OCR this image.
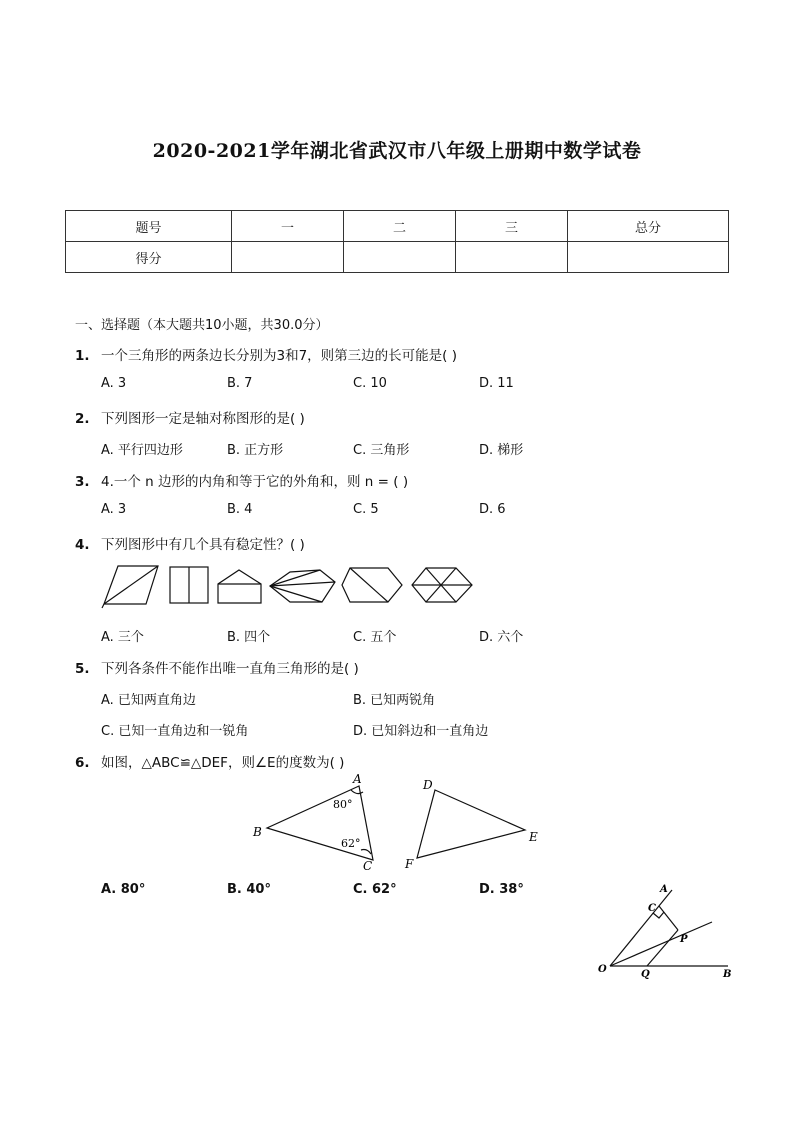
2020-2021学年湖北省武汉市八年级上册期中数学试卷
题号	一	二	三	总分
得分				
一、选择题（本大题共10小题，共30.0分）
1. 一个三角形的两条边长分别为3和7，则第三边的长可能是( )
A. 3	B. 7	C. 10	D. 11
2. 下列图形一定是轴对称图形的是( )
A. 平行四边形	B. 正方形	C. 三角形	D. 梯形
3. 4.一个 n 边形的内角和等于它的外角和，则 n = ( )
A. 3	B. 4	C. 5	D. 6
4. 下列图形中有几个具有稳定性？( )
A. 三个	B. 四个	C. 五个	D. 六个
5. 下列各条件不能作出唯一直角三角形的是( )
A. 已知两直角边	B. 已知两锐角
C. 已知一直角边和一锐角	D. 已知斜边和一直角边
6. 如图，△ABC≌△DEF，则∠E的度数为( )
A
B
C
80°
62°
D
E
F
A. 80°	B. 40°	C. 62°	D. 38°
O
A
C
P
Q	B
